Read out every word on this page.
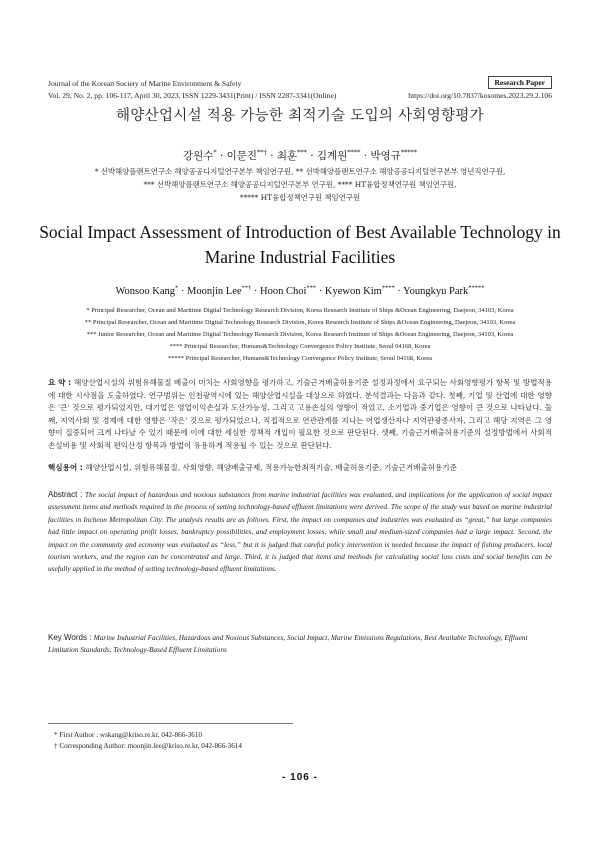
Journal of the Korean Society of Marine Environment & Safety	Research Paper
Vol. 29, No. 2, pp. 106-117, April 30, 2023, ISSN 1229-3431(Print) / ISSN 2287-3341(Online)	https://doi.org/10.7837/kosomes.2023.29.2.106
해양산업시설 적용 가능한 최적기술 도입의 사회영향평가
강원수* · 이문진**† · 최훈*** · 김계원**** · 박영규*****
* 선박해양플랜트연구소 해양공공디지털연구본부 책임연구원, ** 선박해양플랜트연구소 해양공공디지털연구본부 영년직연구원,
*** 선박해양플랜트연구소 해양공공디지털연구본부 연구원, **** HT융합정책연구원 책임연구원,
***** HT융합정책연구원 책임연구원
Social Impact Assessment of Introduction of Best Available Technology in
Marine Industrial Facilities
Wonsoo Kang* · Moonjin Lee**† · Hoon Choi*** · Kyewon Kim**** · Youngkyu Park*****
* Principal Researcher, Ocean and Maritime Digital Technology Research Division, Korea Research Institute of Ships &Ocean Engineering, Daejeon, 34103, Korea
** Principal Researcher, Ocean and Maritime Digital Technology Research Division, Korea Research Institute of Ships &Ocean Engineering, Daejeon, 34103, Korea
*** Junior Researcher, Ocean and Maritime Digital Technology Research Division, Korea Research Institute of Ships &Ocean Engineering, Daejeon, 34103, Korea
**** Principal Researcher, Humans&Technology Convergence Policy Institute, Seoul 04168, Korea
***** Principal Researcher, Humans&Technology Convergence Policy Institute, Seoul 04168, Korea
요 약 : 해양산업시설의 위험유해물질 배출이 미치는 사회영향을 평가하고, 기술근거배출허용기준 설정과정에서 요구되는 사회영향평가 항목 및 방법적용에 대한 시사점을 도출하였다. 연구범위는 인천광역시에 있는 해양산업시설을 대상으로 하였다. 분석결과는 다음과 같다. 첫째, 기업 및 산업에 대한 영향은 '큰' 것으로 평가되었지만, 대기업은 영업이익손실과 도산가능성, 그리고 고용손실의 영향이 적었고, 소기업과 중기업은 영향이 큰 것으로 나타났다. 둘째, 지역사회 및 경제에 대한 영향은 '작은' 것으로 평가되었으나, 직접적으로 연관관계를 지니는 어업생산자나 지역관광종사자, 그리고 해당 지역은 그 영향이 집중되어 크게 나타날 수 있기 때문에 이에 대한 세심한 정책적 개입이 필요한 것으로 판단된다. 셋째, 기술근거배출허용기준의 설정방법에서 사회적 손실비용 및 사회적 편익산정 항목과 방법이 유용하게 적용될 수 있는 것으로 판단된다.
핵심용어 : 해양산업시설, 위험유해물질, 사회영향, 해양배출규제, 적용가능한최적기술, 배출허용기준, 기술근거배출허용기준
Abstract : The social impact of hazardous and noxious substances from marine industrial facilities was evaluated, and implications for the application of social impact assessment items and methods required in the process of setting technology-based effluent limitations were derived. The scope of the study was based on marine industrial facilities in Incheon Metropolitan City. The analysis results are as follows. First, the impact on companies and industries was evaluated as “great,” but large companies had little impact on operating profit losses, bankruptcy possibilities, and employment losses, while small and medium-sized companies had a large impact. Second, the impact on the community and economy was evaluated as “less,” but it is judged that careful policy intervention is needed because the impact of fishing producers, local tourism workers, and the region can be concentrated and large. Third, it is judged that items and methods for calculating social loss costs and social benefits can be usefully applied in the method of setting technology-based effluent limitations.
Key Words : Marine Industrial Facilities, Hazardous and Noxious Substances, Social Impact, Marine Emissions Regulations, Best Available Technology, Effluent Limitation Standards, Technology-Based Effluent Limitations
* First Author : wskang@kriso.re.kr, 042-866-3610
† Corresponding Author: moonjin.lee@kriso.re.kr, 042-866-3614
- 106 -
